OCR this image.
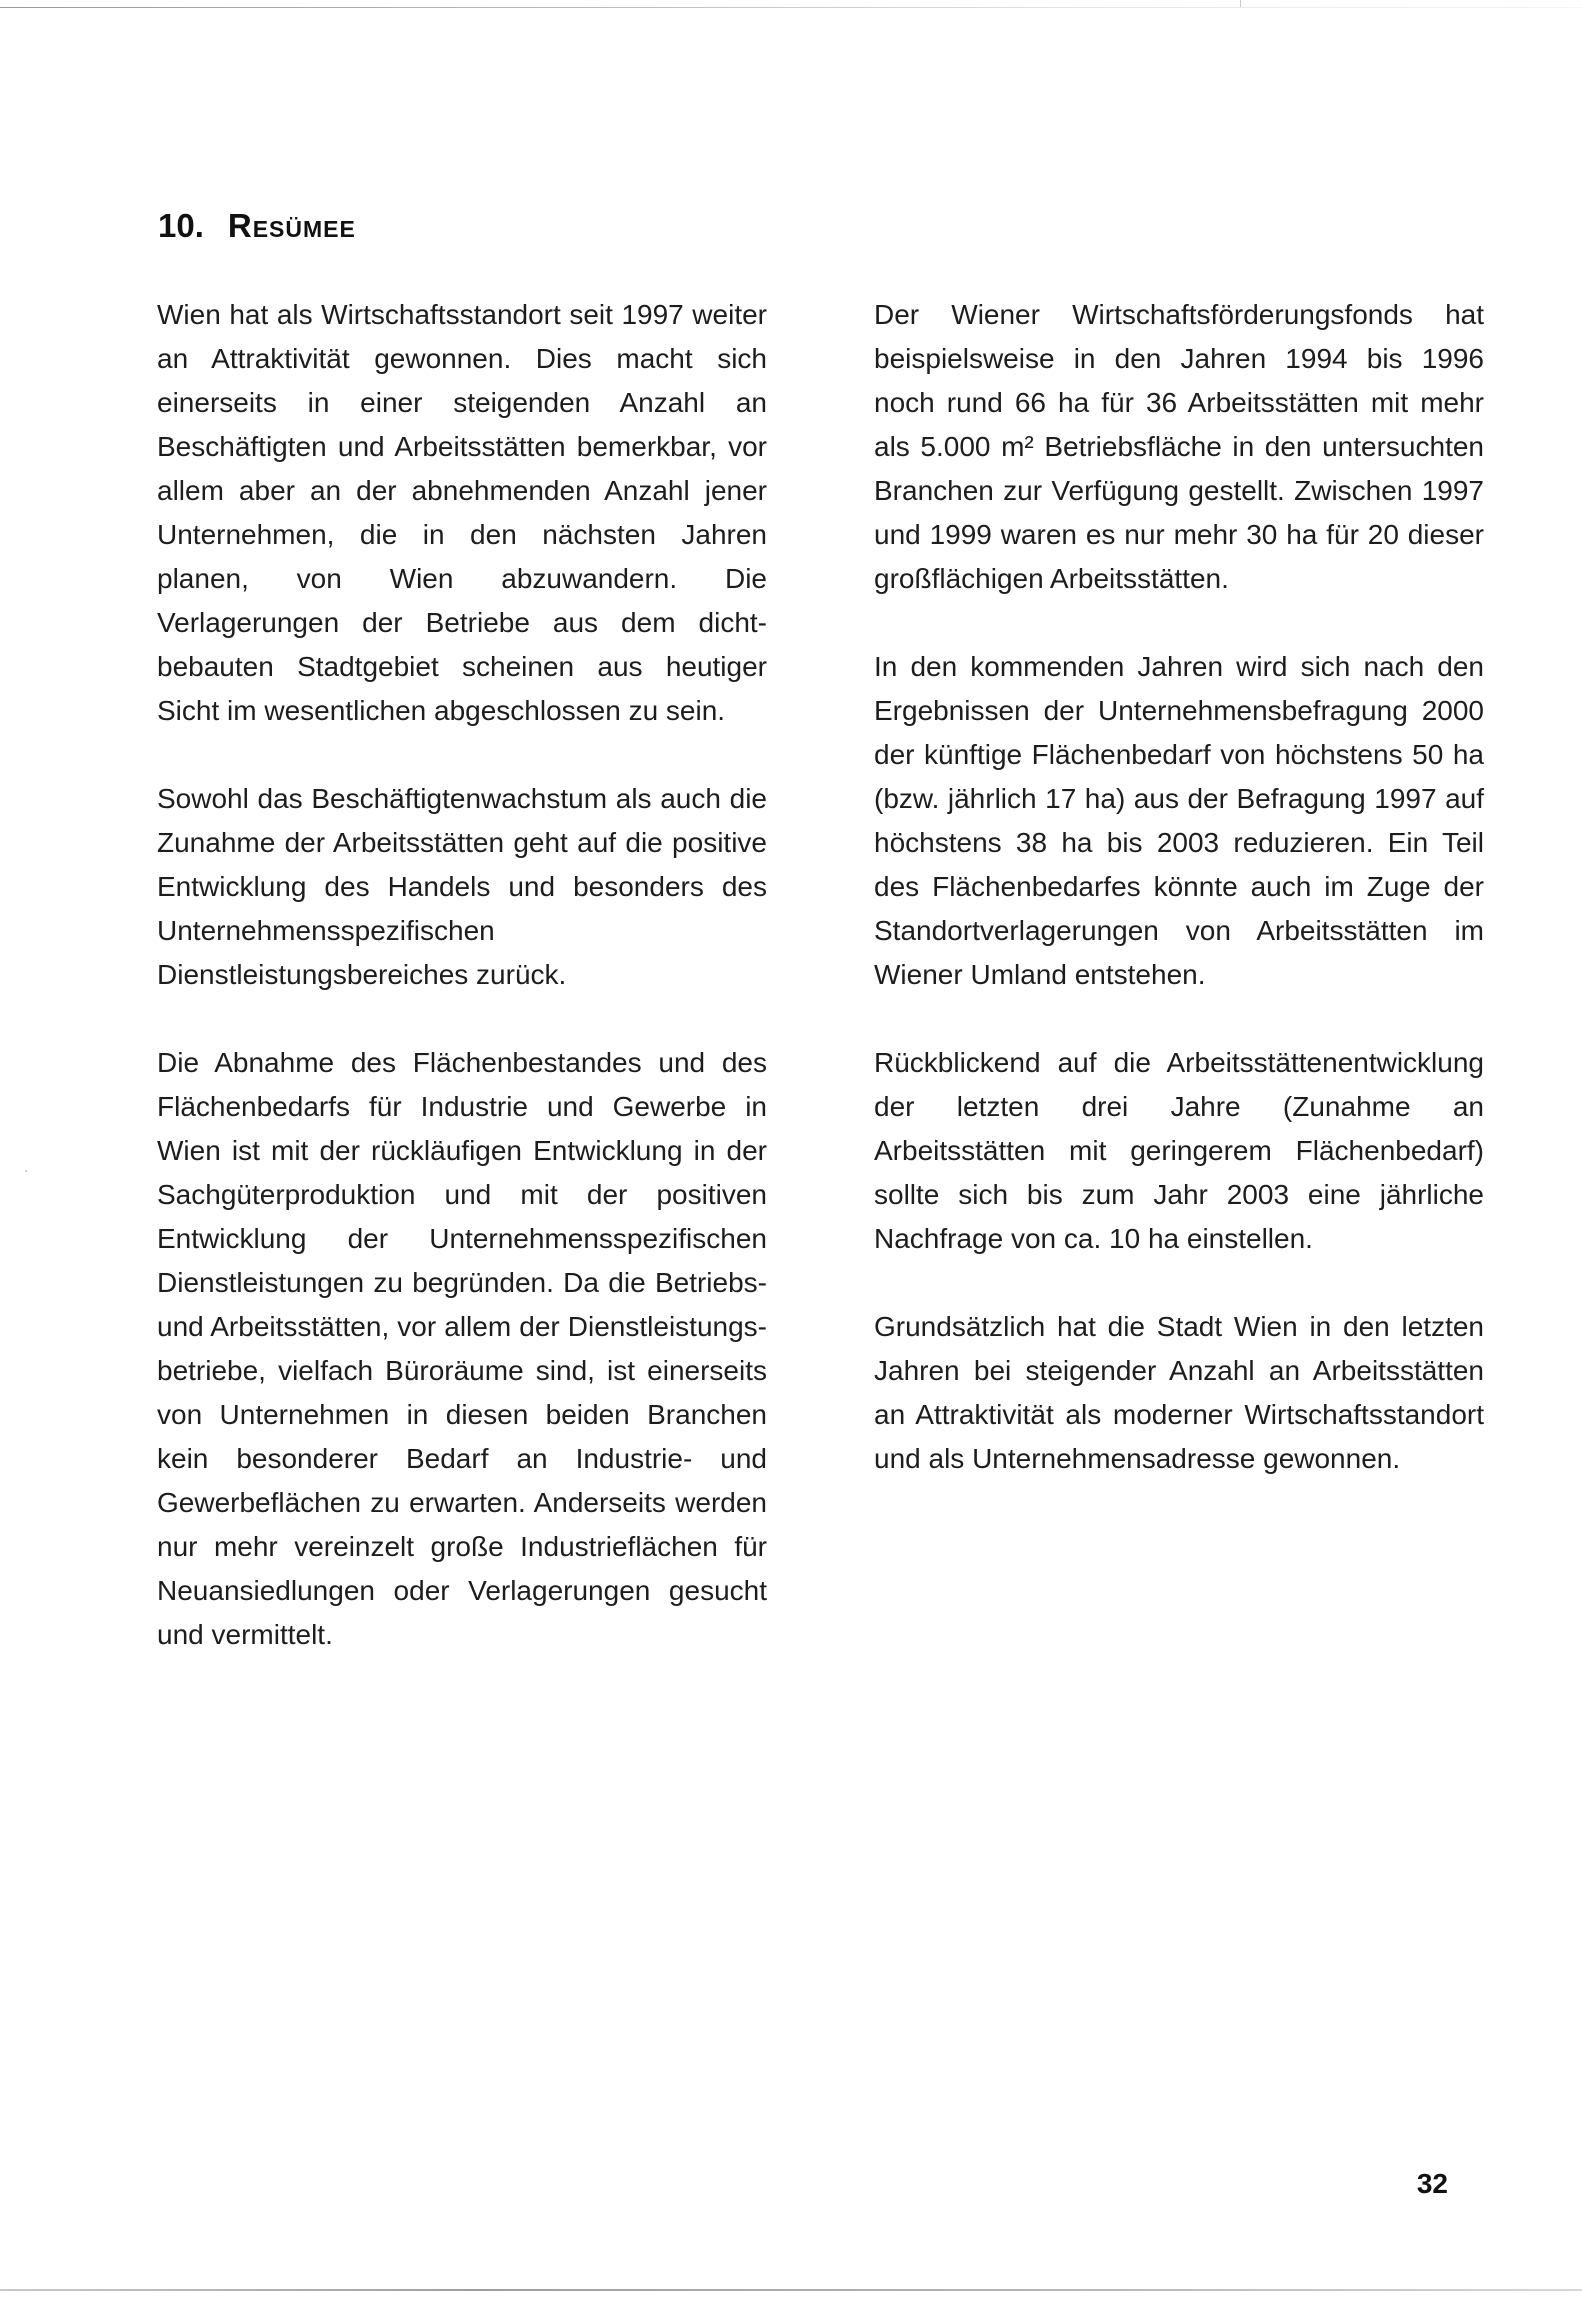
10. Resümee

Wien hat als Wirtschaftsstandort seit 1997 weiter an Attraktivität gewonnen. Dies macht sich einerseits in einer steigenden Anzahl an Beschäftigten und Arbeitsstätten bemerkbar, vor allem aber an der abnehmenden Anzahl jener Unternehmen, die in den nächsten Jahren planen, von Wien abzuwandern. Die Verlagerungen der Betriebe aus dem dichtbebauten Stadtgebiet scheinen aus heutiger Sicht im wesentlichen abgeschlossen zu sein.

Sowohl das Beschäftigtenwachstum als auch die Zunahme der Arbeitsstätten geht auf die positive Entwicklung des Handels und besonders des Unternehmensspezifischen Dienstleistungsbereiches zurück.

Die Abnahme des Flächenbestandes und des Flächenbedarfs für Industrie und Gewerbe in Wien ist mit der rückläufigen Entwicklung in der Sachgüterproduktion und mit der positiven Entwicklung der Unternehmensspezifischen Dienstleistungen zu begründen. Da die Betriebs- und Arbeitsstätten, vor allem der Dienstleistungsbetriebe, vielfach Büroräume sind, ist einerseits von Unternehmen in diesen beiden Branchen kein besonderer Bedarf an Industrie- und Gewerbeflächen zu erwarten. Anderseits werden nur mehr vereinzelt große Industrieflächen für Neuansiedlungen oder Verlagerungen gesucht und vermittelt.

Der Wiener Wirtschaftsförderungsfonds hat beispielsweise in den Jahren 1994 bis 1996 noch rund 66 ha für 36 Arbeitsstätten mit mehr als 5.000 m² Betriebsfläche in den untersuchten Branchen zur Verfügung gestellt. Zwischen 1997 und 1999 waren es nur mehr 30 ha für 20 dieser großflächigen Arbeitsstätten.

In den kommenden Jahren wird sich nach den Ergebnissen der Unternehmensbefragung 2000 der künftige Flächenbedarf von höchstens 50 ha (bzw. jährlich 17 ha) aus der Befragung 1997 auf höchstens 38 ha bis 2003 reduzieren. Ein Teil des Flächenbedarfes könnte auch im Zuge der Standortverlagerungen von Arbeitsstätten im Wiener Umland entstehen.

Rückblickend auf die Arbeitsstättenentwicklung der letzten drei Jahre (Zunahme an Arbeitsstätten mit geringerem Flächenbedarf) sollte sich bis zum Jahr 2003 eine jährliche Nachfrage von ca. 10 ha einstellen.

Grundsätzlich hat die Stadt Wien in den letzten Jahren bei steigender Anzahl an Arbeitsstätten an Attraktivität als moderner Wirtschaftsstandort und als Unternehmensadresse gewonnen.

32
